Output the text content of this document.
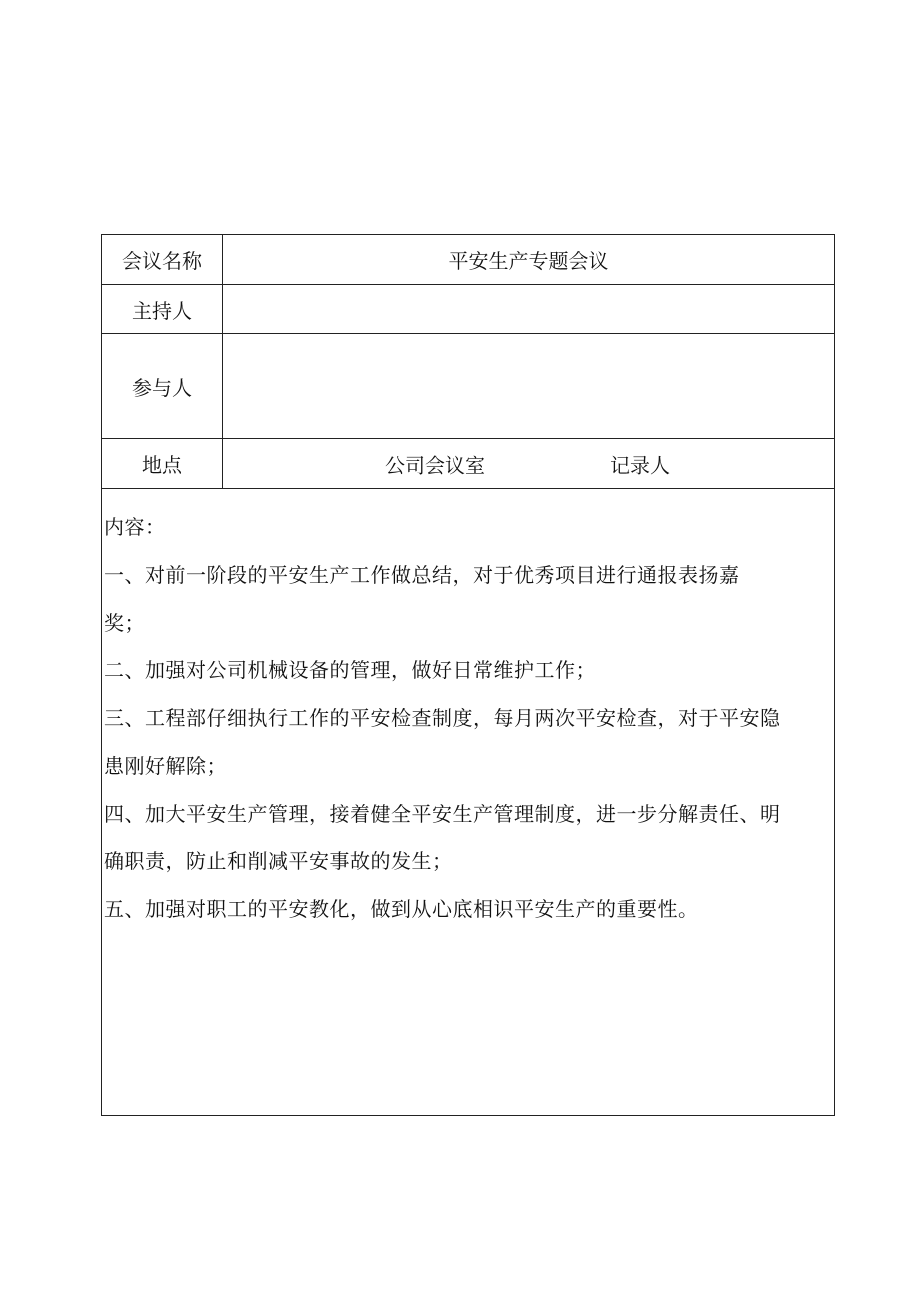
会议名称	平安生产专题会议
主持人
参与人
地点	公司会议室	记录人
内容：
一、对前一阶段的平安生产工作做总结，对于优秀项目进行通报表扬嘉
奖；
二、加强对公司机械设备的管理，做好日常维护工作；
三、工程部仔细执行工作的平安检查制度，每月两次平安检查，对于平安隐
患刚好解除；
四、加大平安生产管理，接着健全平安生产管理制度，进一步分解责任、明
确职责，防止和削减平安事故的发生；
五、加强对职工的平安教化，做到从心底相识平安生产的重要性。
